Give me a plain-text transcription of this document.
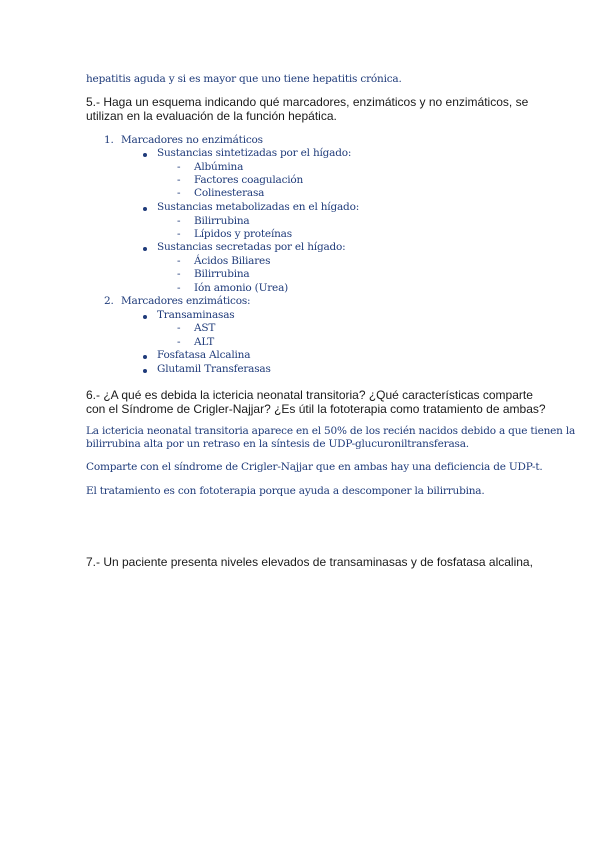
hepatitis aguda y si es mayor que uno tiene hepatitis crónica.
5.- Haga un esquema indicando qué marcadores, enzimáticos y no enzimáticos, se
utilizan en la evaluación de la función hepática.
1. Marcadores no enzimáticos
Sustancias sintetizadas por el hígado:
- Albúmina
- Factores coagulación
- Colinesterasa
Sustancias metabolizadas en el hígado:
- Bilirrubina
- Lípidos y proteínas
Sustancias secretadas por el hígado:
- Ácidos Biliares
- Bilirrubina
- Ión amonio (Urea)
2. Marcadores enzimáticos:
Transaminasas
- AST
- ALT
Fosfatasa Alcalina
Glutamil Transferasas
6.- ¿A qué es debida la ictericia neonatal transitoria? ¿Qué características comparte
con el Síndrome de Crigler-Najjar? ¿Es útil la fototerapia como tratamiento de ambas?
La ictericia neonatal transitoria aparece en el 50% de los recién nacidos debido a que tienen la
bilirrubina alta por un retraso en la síntesis de UDP-glucuroniltransferasa.
Comparte con el síndrome de Crigler-Najjar que en ambas hay una deficiencia de UDP-t.
El tratamiento es con fototerapia porque ayuda a descomponer la bilirrubina.
7.- Un paciente presenta niveles elevados de transaminasas y de fosfatasa alcalina,
